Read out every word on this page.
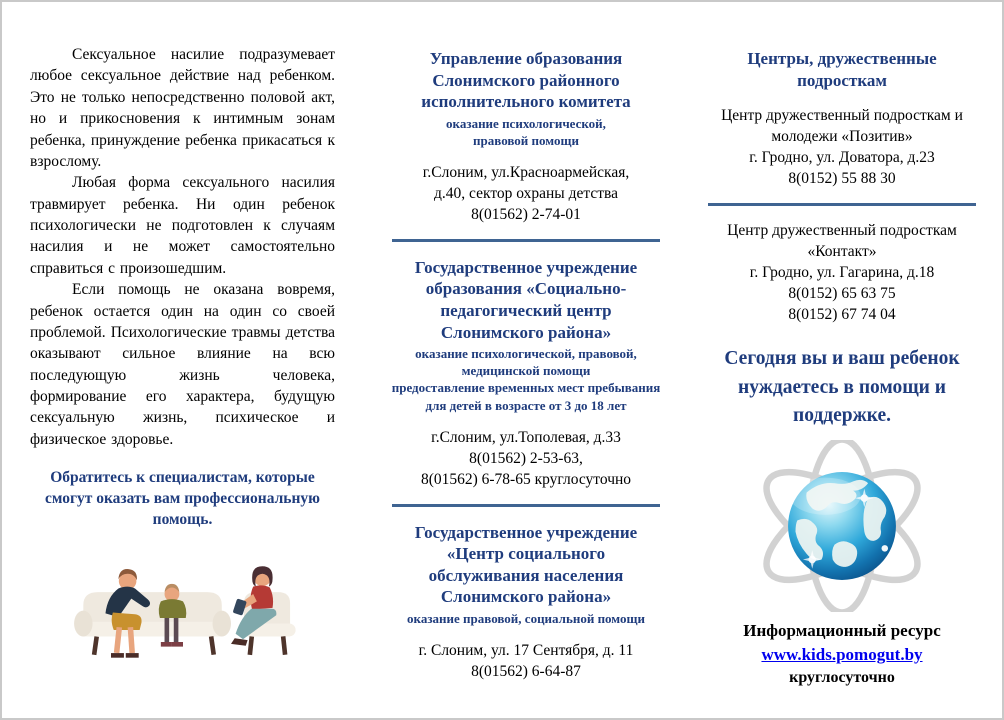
Сексуальное насилие подразумевает любое сексуальное действие над ребенком. Это не только непосредственно половой акт, но и прикосновения к интимным зонам ребенка, принуждение ребенка прикасаться к взрослому.

Любая форма сексуального насилия травмирует ребенка. Ни один ребенок психологически не подготовлен к случаям насилия и не может самостоятельно справиться с произошедшим.

Если помощь не оказана вовремя, ребенок остается один на один со своей проблемой. Психологические травмы детства оказывают сильное влияние на всю последующую жизнь человека, формирование его характера, будущую сексуальную жизнь, психическое и физическое здоровье.

Обратитесь к специалистам, которые смогут оказать вам профессиональную помощь.
Управление образования Слонимского районного исполнительного комитета
оказание психологической,
правовой помощи
г.Слоним, ул.Красноармейская,
д.40, сектор охраны детства
8(01562) 2-74-01
Государственное учреждение образования «Социально-педагогический центр Слонимского района»
оказание психологической, правовой,
медицинской помощи
предоставление временных мест пребывания
для детей в возрасте от 3 до 18 лет
г.Слоним, ул.Тополевая, д.33
8(01562) 2-53-63,
8(01562) 6-78-65 круглосуточно
Государственное учреждение «Центр социального обслуживания населения Слонимского района»
оказание правовой, социальной помощи
г. Слоним, ул. 17 Сентября, д. 11
8(01562) 6-64-87
Центры, дружественные подросткам
Центр дружественный подросткам и
молодежи «Позитив»
г. Гродно, ул. Доватора, д.23
8(0152) 55 88 30
Центр дружественный подросткам
«Контакт»
г. Гродно, ул. Гагарина, д.18
8(0152) 65 63 75
8(0152) 67 74 04
Сегодня вы и ваш ребенок нуждаетесь в помощи и поддержке.
Информационный ресурс
www.kids.pomogut.by
круглосуточно
